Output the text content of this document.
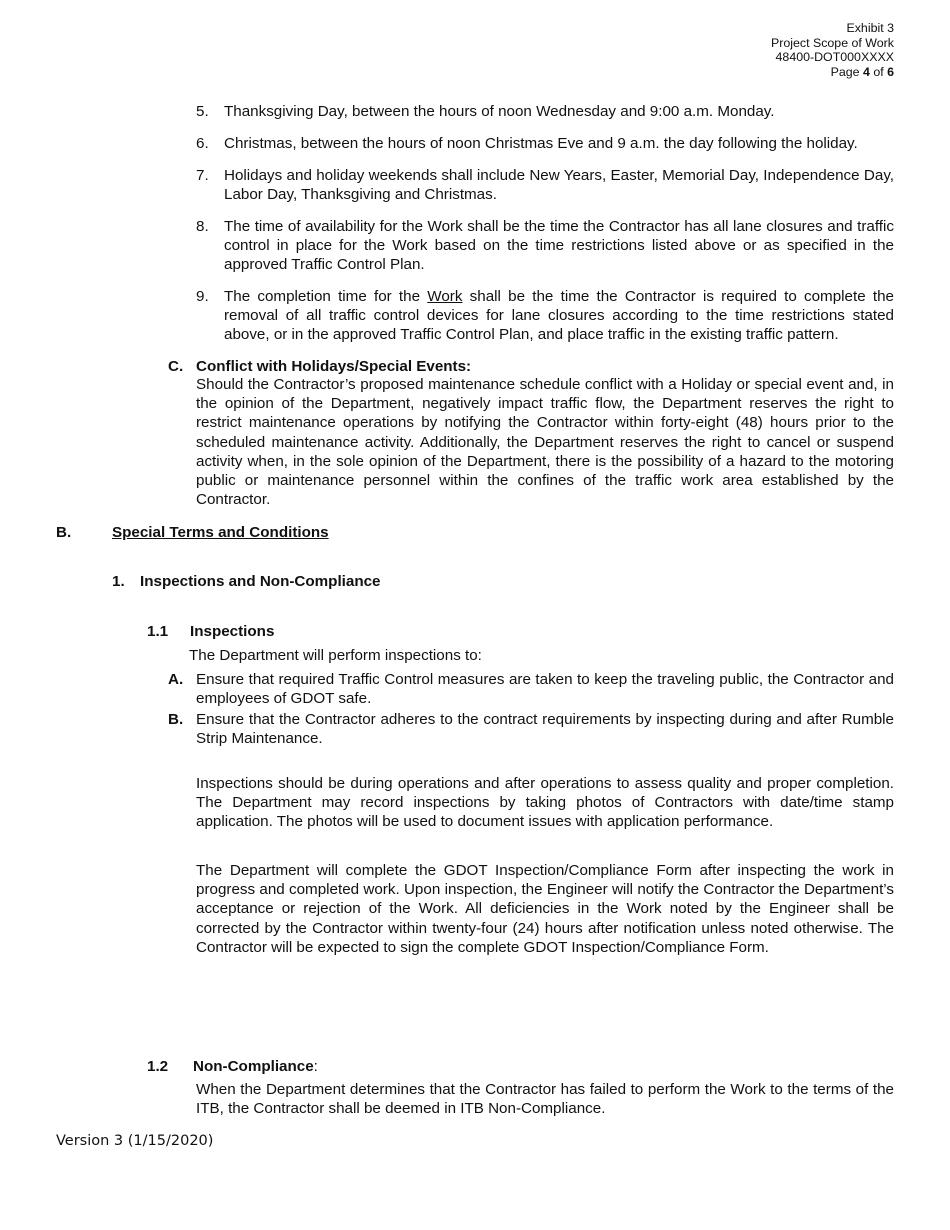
Exhibit 3
Project Scope of Work
48400-DOT000XXXX
Page 4 of 6
5. Thanksgiving Day, between the hours of noon Wednesday and 9:00 a.m. Monday.
6. Christmas, between the hours of noon Christmas Eve and 9 a.m. the day following the holiday.
7. Holidays and holiday weekends shall include New Years, Easter, Memorial Day, Independence Day, Labor Day, Thanksgiving and Christmas.
8. The time of availability for the Work shall be the time the Contractor has all lane closures and traffic control in place for the Work based on the time restrictions listed above or as specified in the approved Traffic Control Plan.
9. The completion time for the Work shall be the time the Contractor is required to complete the removal of all traffic control devices for lane closures according to the time restrictions stated above, or in the approved Traffic Control Plan, and place traffic in the existing traffic pattern.
C. Conflict with Holidays/Special Events:
Should the Contractor’s proposed maintenance schedule conflict with a Holiday or special event and, in the opinion of the Department, negatively impact traffic flow, the Department reserves the right to restrict maintenance operations by notifying the Contractor within forty-eight (48) hours prior to the scheduled maintenance activity. Additionally, the Department reserves the right to cancel or suspend activity when, in the sole opinion of the Department, there is the possibility of a hazard to the motoring public or maintenance personnel within the confines of the traffic work area established by the Contractor.
B.	Special Terms and Conditions
1. Inspections and Non-Compliance
1.1 Inspections
The Department will perform inspections to:
A. Ensure that required Traffic Control measures are taken to keep the traveling public, the Contractor and employees of GDOT safe.
B. Ensure that the Contractor adheres to the contract requirements by inspecting during and after Rumble Strip Maintenance.
Inspections should be during operations and after operations to assess quality and proper completion. The Department may record inspections by taking photos of Contractors with date/time stamp application. The photos will be used to document issues with application performance.
The Department will complete the GDOT Inspection/Compliance Form after inspecting the work in progress and completed work. Upon inspection, the Engineer will notify the Contractor the Department’s acceptance or rejection of the Work. All deficiencies in the Work noted by the Engineer shall be corrected by the Contractor within twenty-four (24) hours after notification unless noted otherwise. The Contractor will be expected to sign the complete GDOT Inspection/Compliance Form.
1.2 Non-Compliance:
When the Department determines that the Contractor has failed to perform the Work to the terms of the ITB, the Contractor shall be deemed in ITB Non-Compliance.
Version 3 (1/15/2020)
